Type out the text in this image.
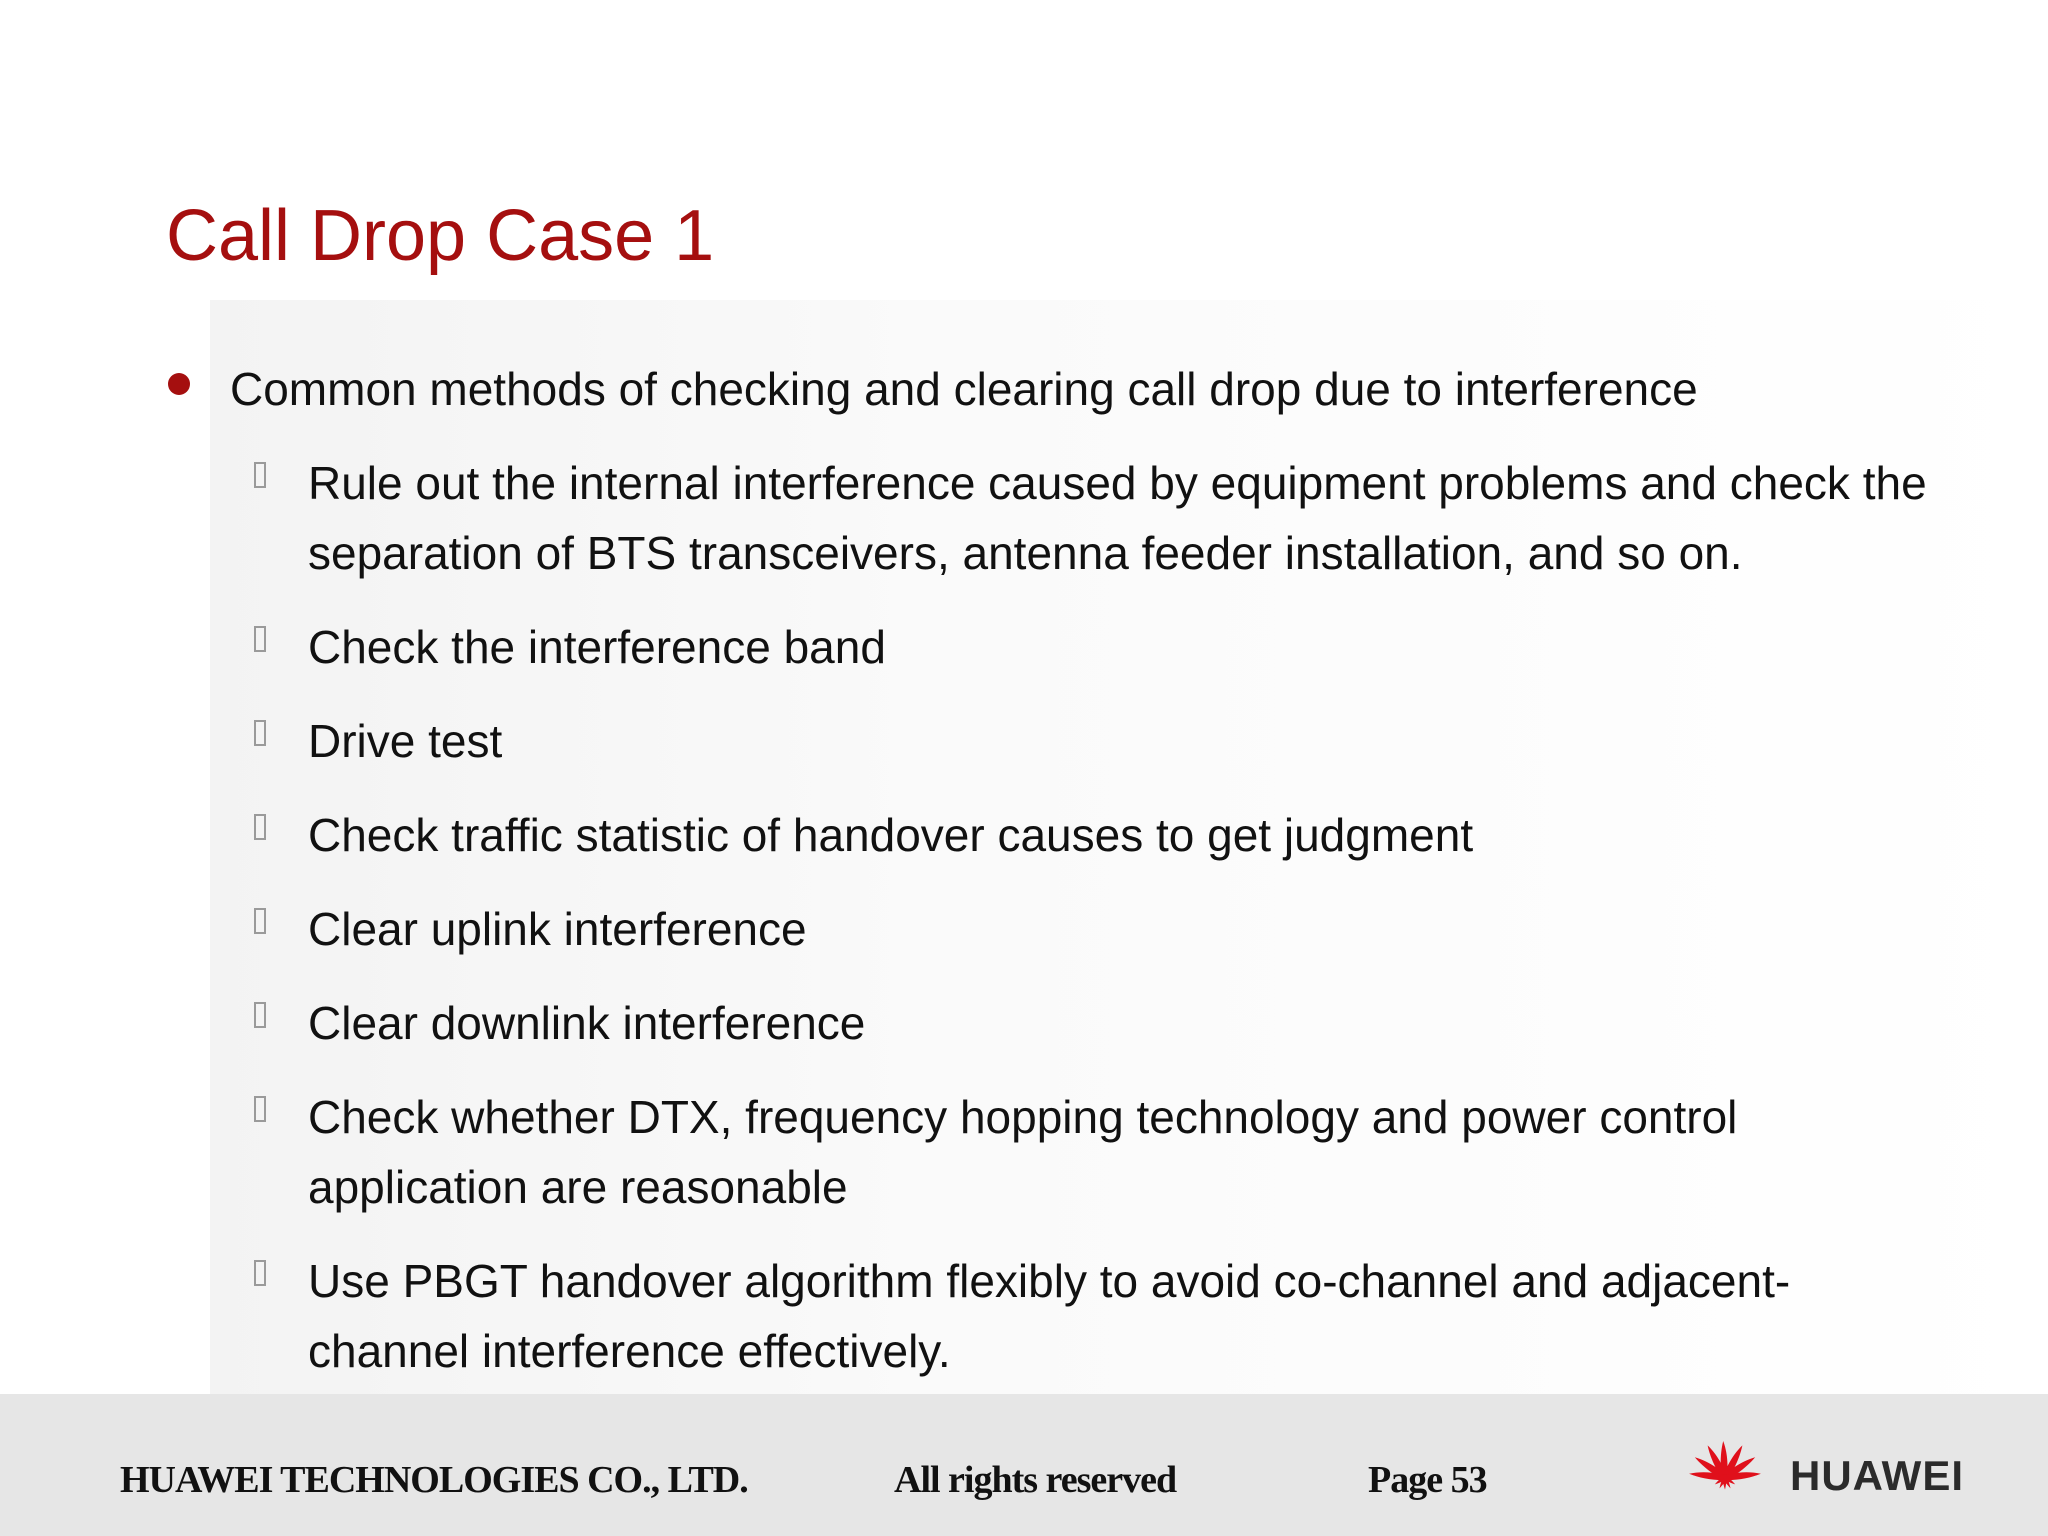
Call Drop Case 1
Common methods of checking and clearing call drop due to interference
Rule out the internal interference caused by equipment problems and check the separation of BTS transceivers, antenna feeder installation, and so on.
Check the interference band
Drive test
Check traffic statistic of handover causes to get judgment
Clear uplink interference
Clear downlink interference
Check whether DTX, frequency hopping technology and power control application are reasonable
Use PBGT handover algorithm flexibly to avoid co-channel and adjacent-channel interference effectively.
HUAWEI TECHNOLOGIES CO., LTD.	All rights reserved	Page 53	HUAWEI
